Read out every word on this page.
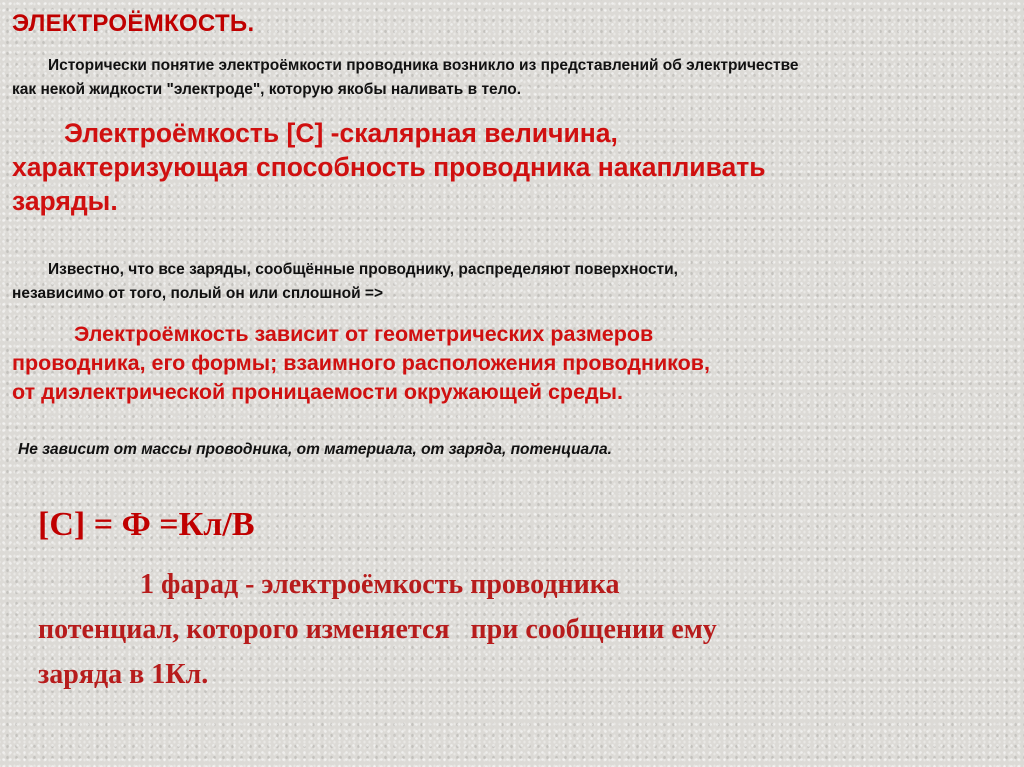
ЭЛЕКТРОЁМКОСТЬ.
Исторически понятие электроёмкости проводника возникло из представлений об электричестве
как некой жидкости "электроде", которую якобы наливать в тело.
Электроёмкость [С] -скалярная величина,
характеризующая способность проводника накапливать
заряды.
Известно, что все заряды, сообщённые проводнику, распределяют поверхности,
независимо от того, полый он или сплошной =>
Электроёмкость зависит от геометрических размеров
проводника, его формы; взаимного расположения проводников,
от диэлектрической проницаемости окружающей среды.
Не зависит от массы проводника, от материала, от заряда, потенциала.
[С] = Ф =Кл/В
1 фарад - электроёмкость проводника
потенциал, которого изменяется   при сообщении ему
заряда в 1Кл.
